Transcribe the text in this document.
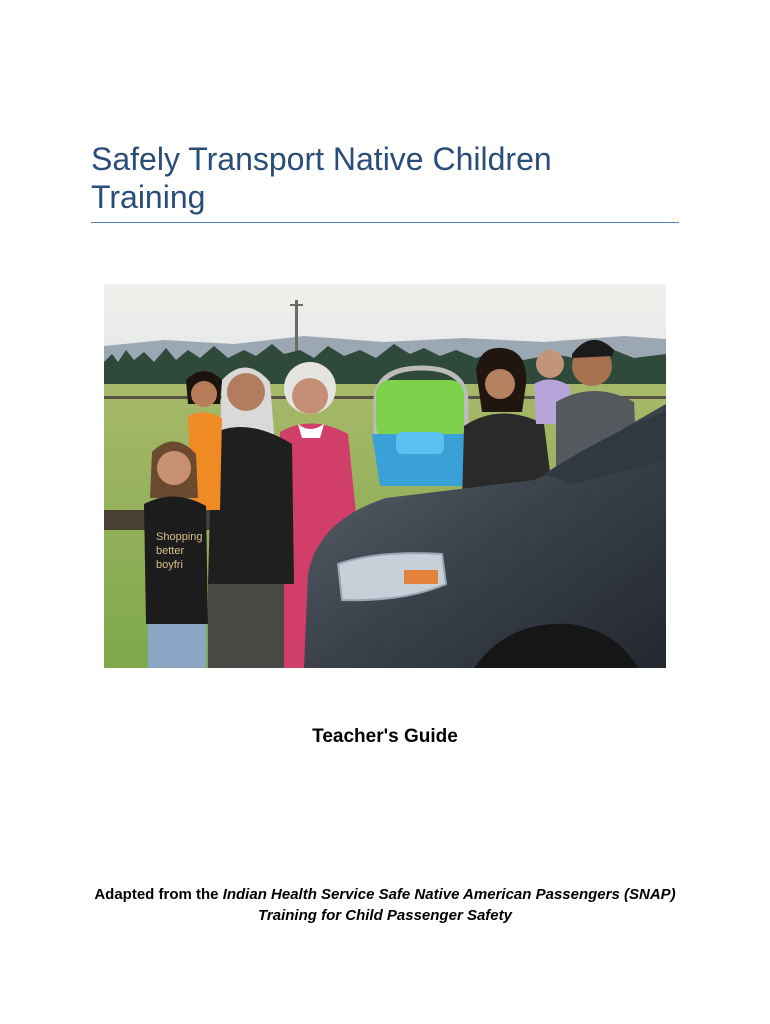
Safely Transport Native Children
Training
Shopping
better
boyfri
Teacher's Guide
Adapted from the Indian Health Service Safe Native American Passengers (SNAP)
Training for Child Passenger Safety
